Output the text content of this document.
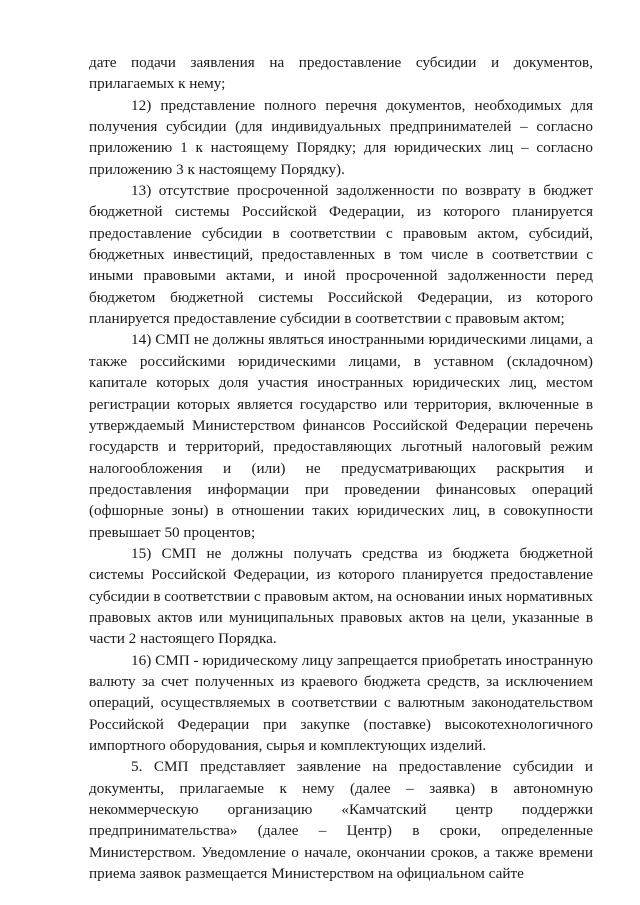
дате подачи заявления на предоставление субсидии и документов, прилагаемых к нему;

12) представление полного перечня документов, необходимых для получения субсидии (для индивидуальных предпринимателей – согласно приложению 1 к настоящему Порядку; для юридических лиц – согласно приложению 3 к настоящему Порядку).

13) отсутствие просроченной задолженности по возврату в бюджет бюджетной системы Российской Федерации, из которого планируется предоставление субсидии в соответствии с правовым актом, субсидий, бюджетных инвестиций, предоставленных в том числе в соответствии с иными правовыми актами, и иной просроченной задолженности перед бюджетом бюджетной системы Российской Федерации, из которого планируется предоставление субсидии в соответствии с правовым актом;

14) СМП не должны являться иностранными юридическими лицами, а также российскими юридическими лицами, в уставном (складочном) капитале которых доля участия иностранных юридических лиц, местом регистрации которых является государство или территория, включенные в утверждаемый Министерством финансов Российской Федерации перечень государств и территорий, предоставляющих льготный налоговый режим налогообложения и (или) не предусматривающих раскрытия и предоставления информации при проведении финансовых операций (офшорные зоны) в отношении таких юридических лиц, в совокупности превышает 50 процентов;

15) СМП не должны получать средства из бюджета бюджетной системы Российской Федерации, из которого планируется предоставление субсидии в соответствии с правовым актом, на основании иных нормативных правовых актов или муниципальных правовых актов на цели, указанные в части 2 настоящего Порядка.

16) СМП - юридическому лицу запрещается приобретать иностранную валюту за счет полученных из краевого бюджета средств, за исключением операций, осуществляемых в соответствии с валютным законодательством Российской Федерации при закупке (поставке) высокотехнологичного импортного оборудования, сырья и комплектующих изделий.

5. СМП представляет заявление на предоставление субсидии и документы, прилагаемые к нему (далее – заявка) в автономную некоммерческую организацию «Камчатский центр поддержки предпринимательства» (далее – Центр) в сроки, определенные Министерством. Уведомление о начале, окончании сроков, а также времени приема заявок размещается Министерством на официальном сайте
